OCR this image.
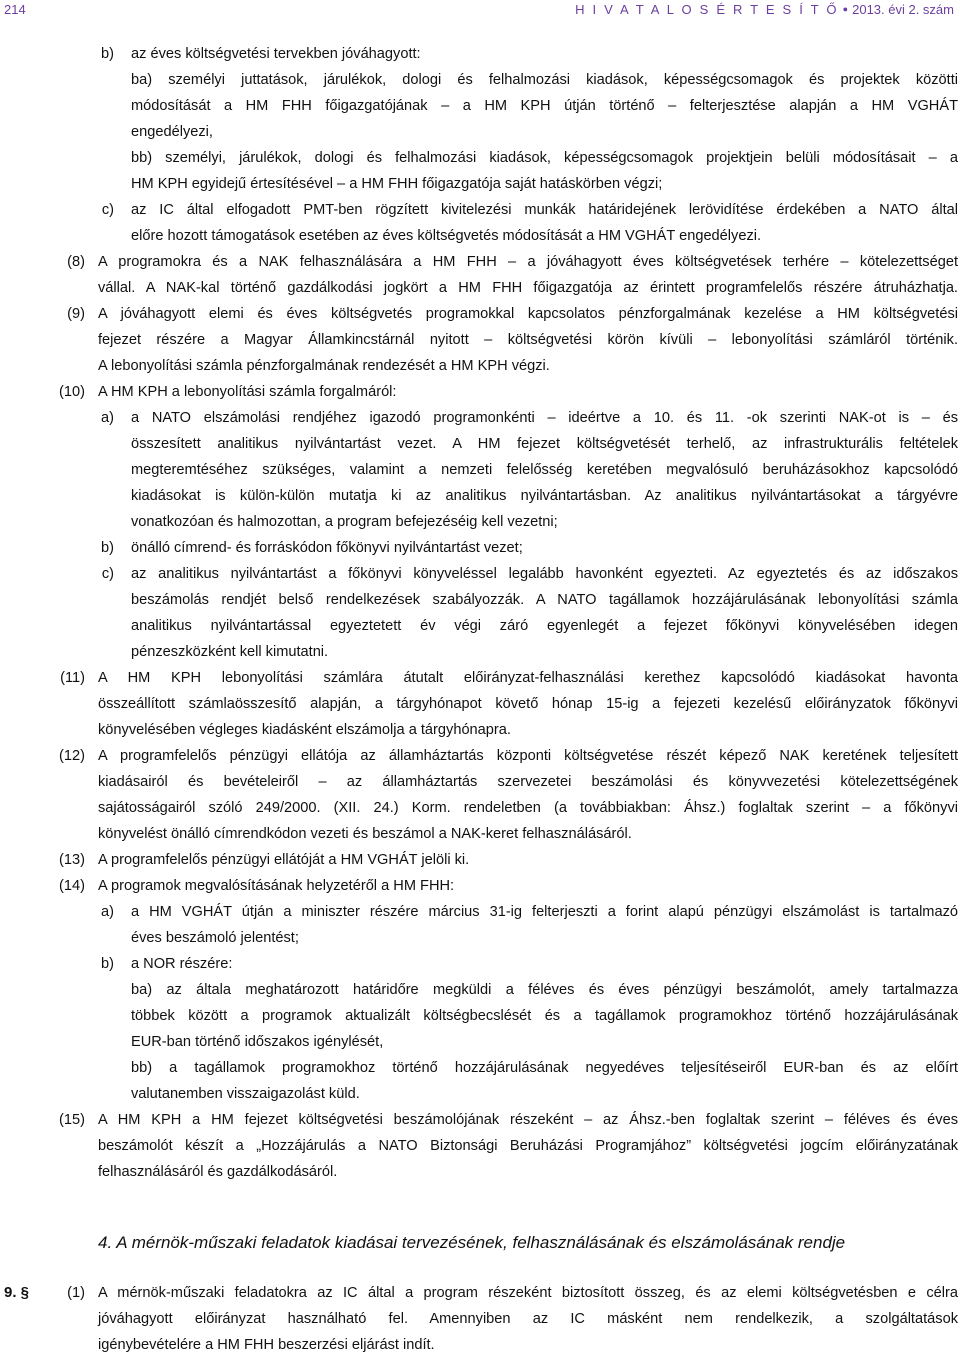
214	H I V A T A L O S É R T E S Í T Ő ● 2013. évi 2. szám
b) az éves költségvetési tervekben jóváhagyott:
ba) személyi juttatások, járulékok, dologi és felhalmozási kiadások, képességcsomagok és projektek közötti
módosítását a HM FHH főigazgatójának – a HM KPH útján történő – felterjesztése alapján a HM VGHÁT
engedélyezi,
bb) személyi, járulékok, dologi és felhalmozási kiadások, képességcsomagok projektjein belüli módosításait – a
HM KPH egyidejű értesítésével – a HM FHH főigazgatója saját hatáskörben végzi;
c) az IC által elfogadott PMT-ben rögzített kivitelezési munkák határidejének lerövidítése érdekében a NATO által
előre hozott támogatások esetében az éves költségvetés módosítását a HM VGHÁT engedélyezi.
(8) A programokra és a NAK felhasználására a HM FHH – a jóváhagyott éves költségvetések terhére – kötelezettséget
vállal. A NAK-kal történő gazdálkodási jogkört a HM FHH főigazgatója az érintett programfelelős részére átruházhatja.
(9) A jóváhagyott elemi és éves költségvetés programokkal kapcsolatos pénzforgalmának kezelése a HM költségvetési
fejezet részére a Magyar Államkincstárnál nyitott – költségvetési körön kívüli – lebonyolítási számláról történik.
A lebonyolítási számla pénzforgalmának rendezését a HM KPH végzi.
(10) A HM KPH a lebonyolítási számla forgalmáról:
a) a NATO elszámolási rendjéhez igazodó programonkénti – ideértve a 10. és 11. -ok szerinti NAK-ot is – és
összesített analitikus nyilvántartást vezet. A HM fejezet költségvetését terhelő, az infrastrukturális feltételek
megteremtéséhez szükséges, valamint a nemzeti felelősség keretében megvalósuló beruházásokhoz kapcsolódó
kiadásokat is külön-külön mutatja ki az analitikus nyilvántartásban. Az analitikus nyilvántartásokat a tárgyévre
vonatkozóan és halmozottan, a program befejezéséig kell vezetni;
b) önálló címrend- és forráskódon főkönyvi nyilvántartást vezet;
c) az analitikus nyilvántartást a főkönyvi könyveléssel legalább havonként egyezteti. Az egyeztetés és az időszakos
beszámolás rendjét belső rendelkezések szabályozzák. A NATO tagállamok hozzájárulásának lebonyolítási számla
analitikus nyilvántartással egyeztetett év végi záró egyenlegét a fejezet főkönyvi könyvelésében idegen
pénzeszközként kell kimutatni.
(11) A HM KPH lebonyolítási számlára átutalt előirányzat-felhasználási kerethez kapcsolódó kiadásokat havonta
összeállított számlaösszesítő alapján, a tárgyhónapot követő hónap 15-ig a fejezeti kezelésű előirányzatok főkönyvi
könyvelésében végleges kiadásként elszámolja a tárgyhónapra.
(12) A programfelelős pénzügyi ellátója az államháztartás központi költségvetése részét képező NAK keretének teljesített
kiadásairól és bevételeiről – az államháztartás szervezetei beszámolási és könyvvezetési kötelezettségének
sajátosságairól szóló 249/2000. (XII. 24.) Korm. rendeletben (a továbbiakban: Áhsz.) foglaltak szerint – a főkönyvi
könyvelést önálló címrendkódon vezeti és beszámol a NAK-keret felhasználásáról.
(13) A programfelelős pénzügyi ellátóját a HM VGHÁT jelöli ki.
(14) A programok megvalósításának helyzetéről a HM FHH:
a) a HM VGHÁT útján a miniszter részére március 31-ig felterjeszti a forint alapú pénzügyi elszámolást is tartalmazó
éves beszámoló jelentést;
b) a NOR részére:
ba) az általa meghatározott határidőre megküldi a féléves és éves pénzügyi beszámolót, amely tartalmazza
többek között a programok aktualizált költségbecslését és a tagállamok programokhoz történő hozzájárulásának
EUR-ban történő időszakos igénylését,
bb) a tagállamok programokhoz történő hozzájárulásának negyedéves teljesítéseiről EUR-ban és az előírt
valutanemben visszaigazolást küld.
(15) A HM KPH a HM fejezet költségvetési beszámolójának részeként – az Áhsz.-ben foglaltak szerint – féléves és éves
beszámolót készít a „Hozzájárulás a NATO Biztonsági Beruházási Programjához” költségvetési jogcím előirányzatának
felhasználásáról és gazdálkodásáról.
4. A mérnök-műszaki feladatok kiadásai tervezésének, felhasználásának és elszámolásának rendje
9. §	(1) A mérnök-műszaki feladatokra az IC által a program részeként biztosított összeg, és az elemi költségvetésben e célra
jóváhagyott előirányzat használható fel. Amennyiben az IC másként nem rendelkezik, a szolgáltatások
igénybevételére a HM FHH beszerzési eljárást indít.
